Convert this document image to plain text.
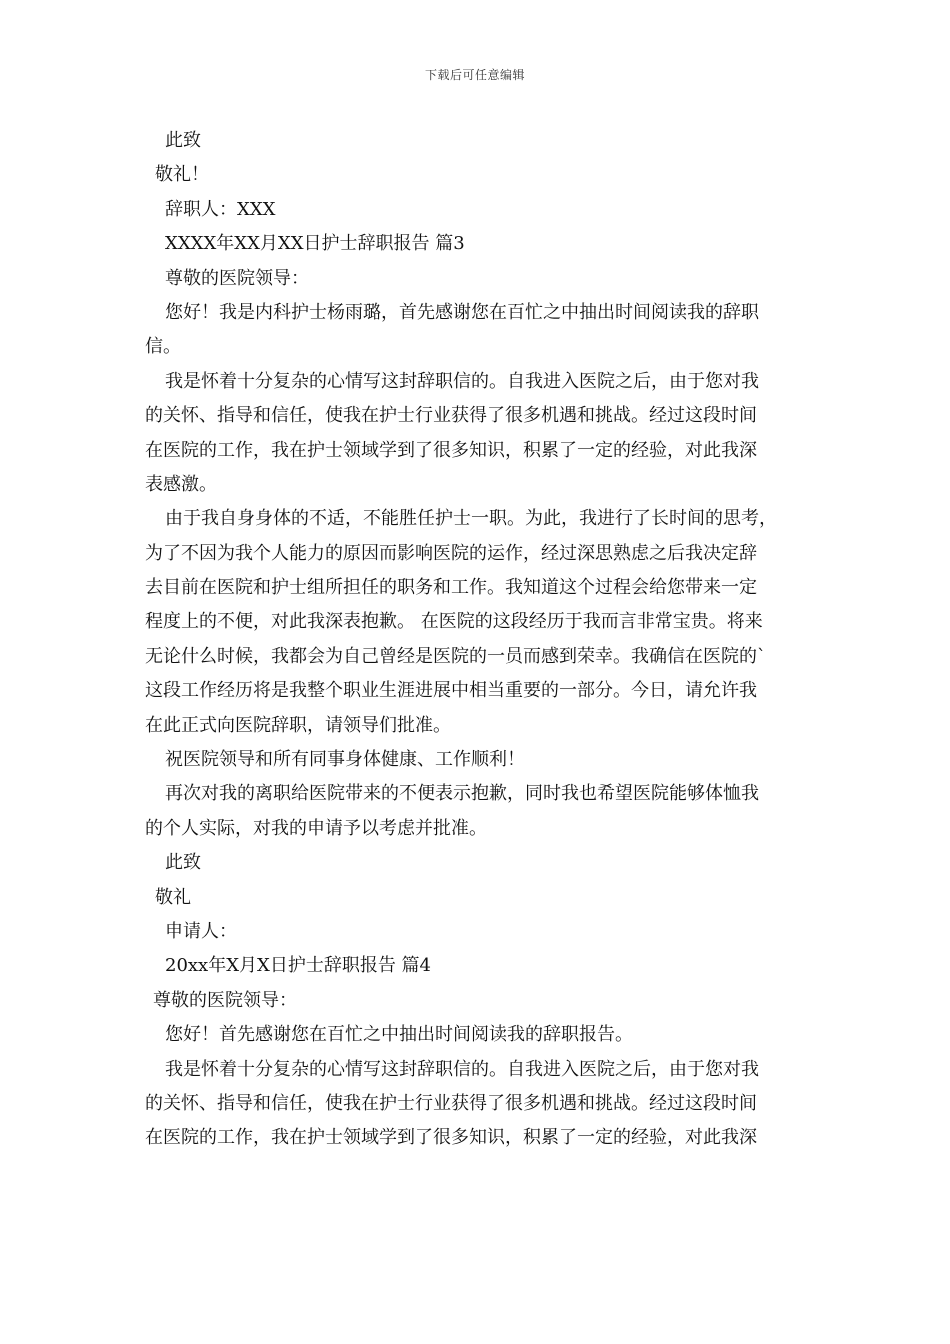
下载后可任意编辑
此致
敬礼！
辞职人：XXX
XXXX年XX月XX日护士辞职报告 篇3
尊敬的医院领导：
您好！我是内科护士杨雨璐，首先感谢您在百忙之中抽出时间阅读我的辞职
信。
我是怀着十分复杂的心情写这封辞职信的。自我进入医院之后，由于您对我
的关怀、指导和信任，使我在护士行业获得了很多机遇和挑战。经过这段时间
在医院的工作，我在护士领域学到了很多知识，积累了一定的经验，对此我深
表感激。
由于我自身身体的不适，不能胜任护士一职。为此，我进行了长时间的思考，
为了不因为我个人能力的原因而影响医院的运作，经过深思熟虑之后我决定辞
去目前在医院和护士组所担任的职务和工作。我知道这个过程会给您带来一定
程度上的不便，对此我深表抱歉。 在医院的这段经历于我而言非常宝贵。将来
无论什么时候，我都会为自己曾经是医院的一员而感到荣幸。我确信在医院的`
这段工作经历将是我整个职业生涯进展中相当重要的一部分。今日，请允许我
在此正式向医院辞职，请领导们批准。
祝医院领导和所有同事身体健康、工作顺利！
再次对我的离职给医院带来的不便表示抱歉，同时我也希望医院能够体恤我
的个人实际，对我的申请予以考虑并批准。
此致
敬礼
申请人：
20xx年X月X日护士辞职报告 篇4
尊敬的医院领导：
您好！首先感谢您在百忙之中抽出时间阅读我的辞职报告。
我是怀着十分复杂的心情写这封辞职信的。自我进入医院之后，由于您对我
的关怀、指导和信任，使我在护士行业获得了很多机遇和挑战。经过这段时间
在医院的工作，我在护士领域学到了很多知识，积累了一定的经验，对此我深
